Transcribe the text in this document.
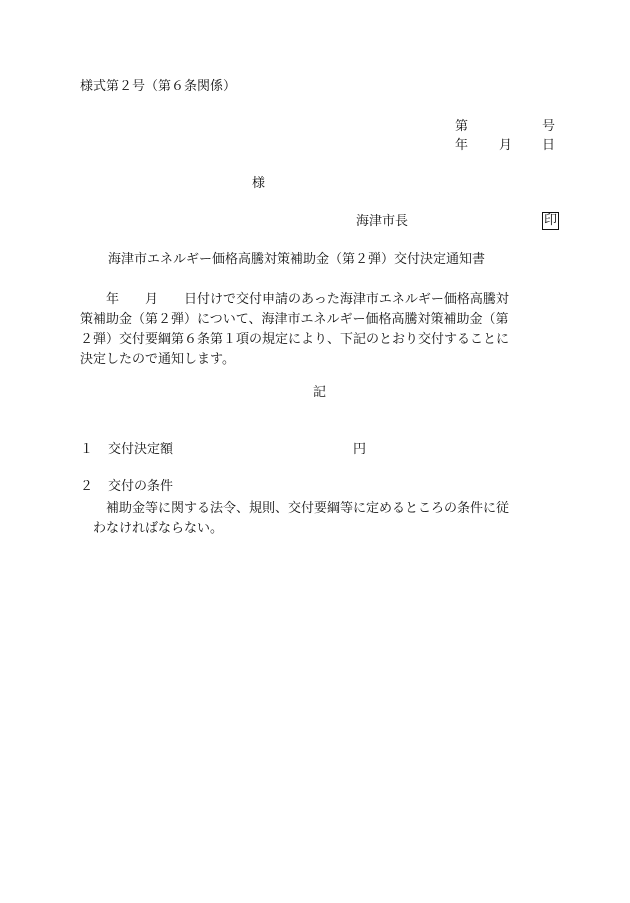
様式第２号（第６条関係）
第	号
年 月 日
様
海津市長	印
海津市エネルギー価格高騰対策補助金（第２弾）交付決定通知書
　　年　　月　　日付けで交付申請のあった海津市エネルギー価格高騰対
策補助金（第２弾）について、海津市エネルギー価格高騰対策補助金（第
２弾）交付要綱第６条第１項の規定により、下記のとおり交付することに
決定したので通知します。
記
１ 交付決定額	円
２ 交付の条件
　　補助金等に関する法令、規則、交付要綱等に定めるところの条件に従
　わなければならない。
